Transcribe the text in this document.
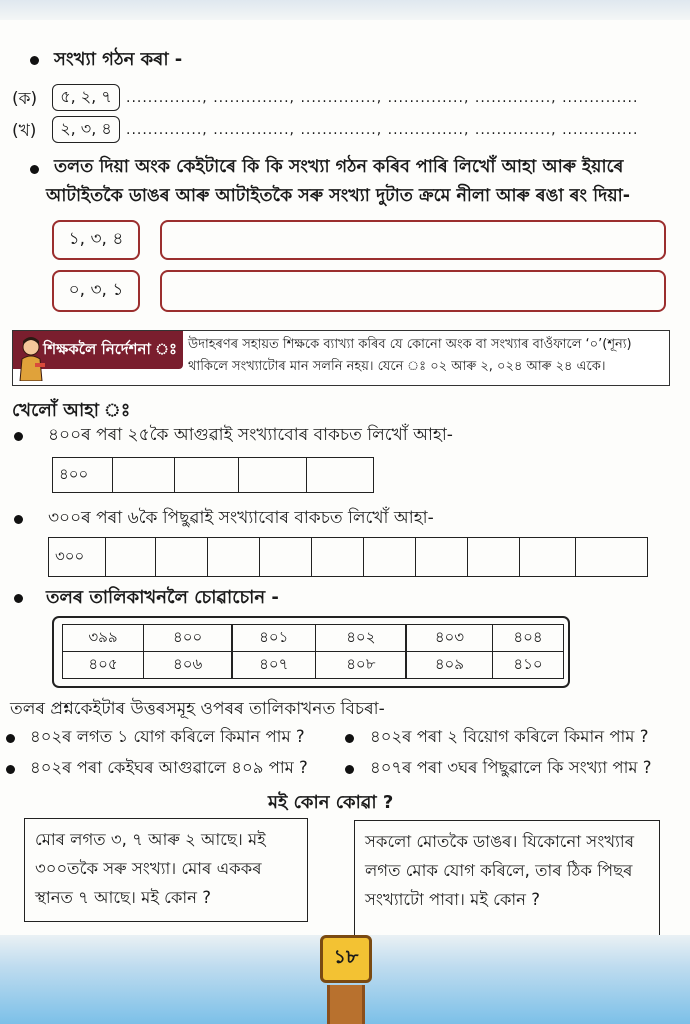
সংখ্যা গঠন কৰা -
(ক)	৫, ২, ৭	.............., .............., .............., .............., .............., ..............
(খ)	২, ৩, ৪	.............., .............., .............., .............., .............., ..............
তলত দিয়া অংক কেইটাৰে কি কি সংখ্যা গঠন কৰিব পাৰি লিখোঁ আহা আৰু ইয়াৰে
আটাইতকৈ ডাঙৰ আৰু আটাইতকৈ সৰু সংখ্যা দুটাত ক্ৰমে নীলা আৰু ৰঙা ৰং দিয়া-
১, ৩, ৪
০, ৩, ১
শিক্ষকলৈ নিৰ্দেশনা ঃ উদাহৰণৰ সহায়ত শিক্ষকে ব্যাখ্যা কৰিব যে কোনো অংক বা সংখ্যাৰ বাওঁফালে ‘০’(শূন্য)
থাকিলে সংখ্যাটোৰ মান সলনি নহয়। যেনে ঃ ০২ আৰু ২, ০২৪ আৰু ২৪ একে।
খেলোঁ আহা ঃ
৪০০ৰ পৰা ২৫কৈ আগুৱাই সংখ্যাবোৰ বাকচত লিখোঁ আহা-
৪০০
৩০০ৰ পৰা ৬কৈ পিছুৱাই সংখ্যাবোৰ বাকচত লিখোঁ আহা-
৩০০
তলৰ তালিকাখনলৈ চোৱাচোন -
৩৯৯	৪০০	৪০১	৪০২	৪০৩	৪০৪
৪০৫	৪০৬	৪০৭	৪০৮	৪০৯	৪১০
তলৰ প্ৰশ্নকেইটাৰ উত্তৰসমূহ ওপৰৰ তালিকাখনত বিচৰা-
৪০২ৰ লগত ১ যোগ কৰিলে কিমান পাম ?	৪০২ৰ পৰা ২ বিয়োগ কৰিলে কিমান পাম ?
৪০২ৰ পৰা কেইঘৰ আগুৱালে ৪০৯ পাম ?	৪০৭ৰ পৰা ৩ঘৰ পিছুৱালে কি সংখ্যা পাম ?
মই কোন কোৱা ?
মোৰ লগত ৩, ৭ আৰু ২ আছে। মই ৩০০তকৈ সৰু সংখ্যা। মোৰ এককৰ স্থানত ৭ আছে। মই কোন ?
সকলো মোতকৈ ডাঙৰ। যিকোনো সংখ্যাৰ লগত মোক যোগ কৰিলে, তাৰ ঠিক পিছৰ সংখ্যাটো পাবা। মই কোন ?
১৮
